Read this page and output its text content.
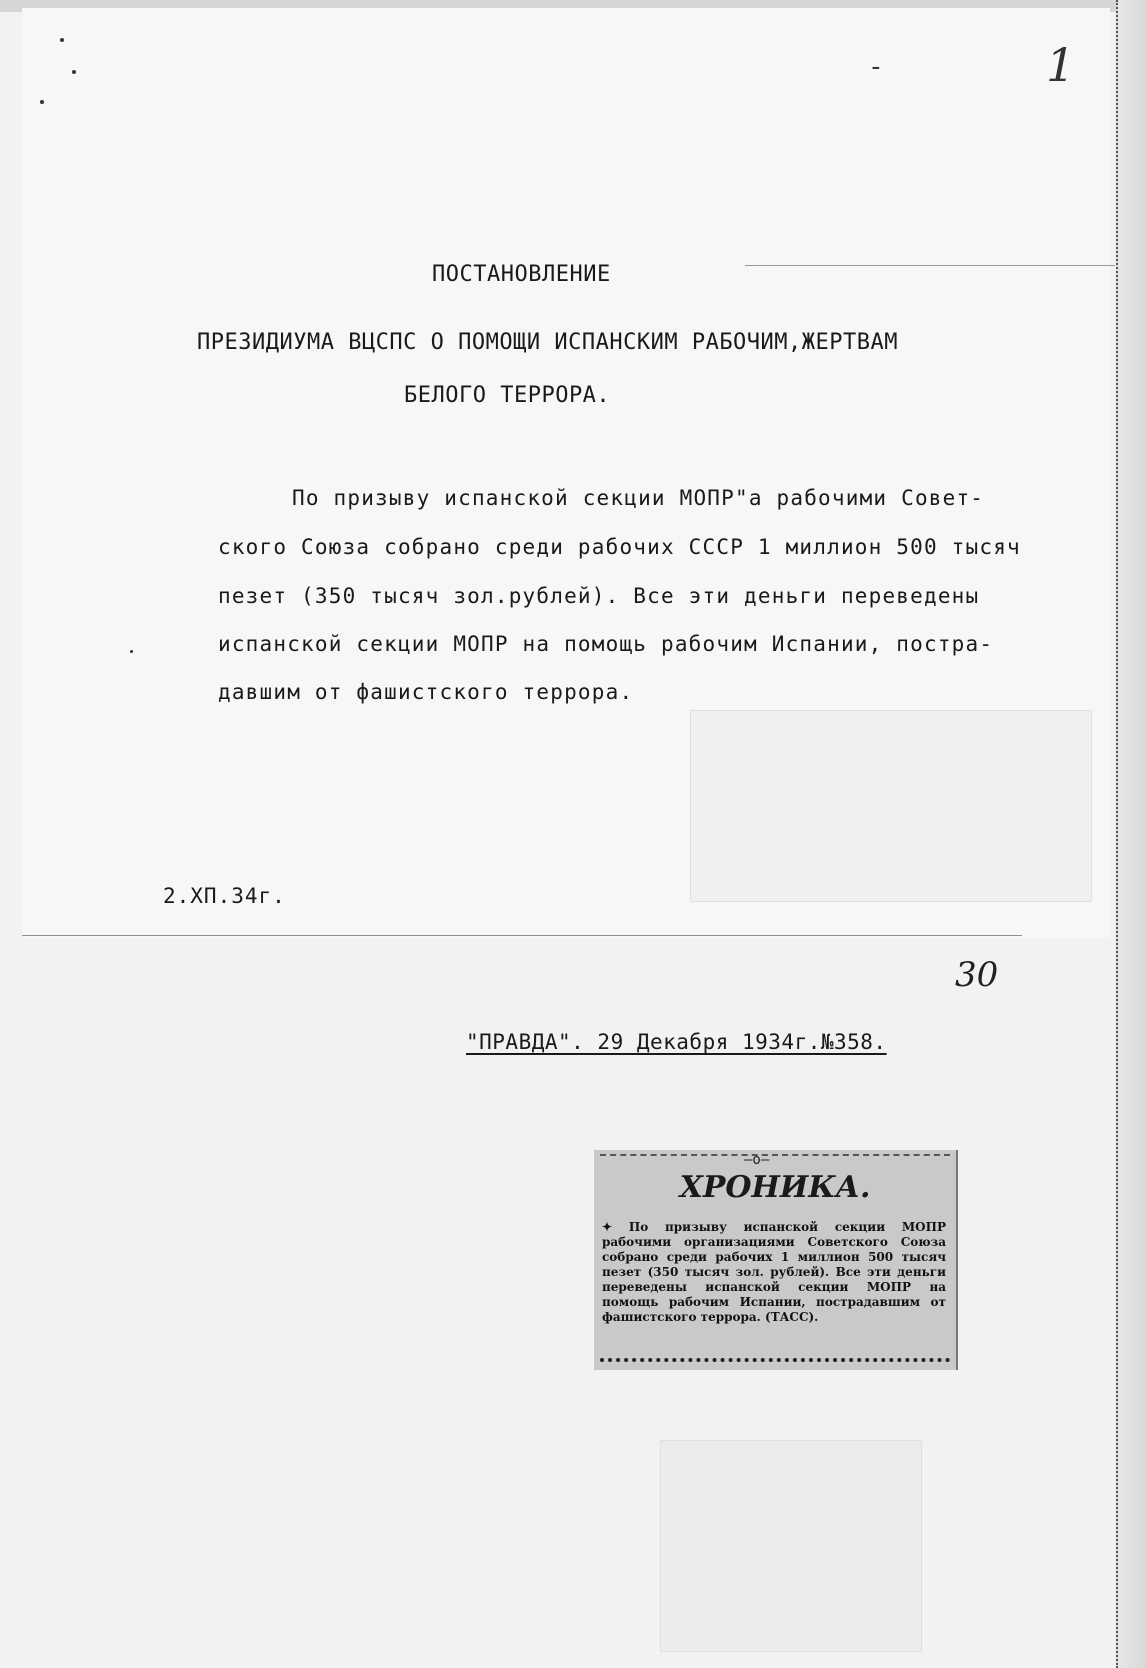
-	1
ПОСТАНОВЛЕНИЕ
ПРЕЗИДИУМА ВЦСПС О ПОМОЩИ ИСПАНСКИМ РАБОЧИМ,ЖЕРТВАМ
БЕЛОГО ТЕРРОРА.
По призыву испанской секции МОПР"а рабочими Совет-
ского Союза собрано среди рабочих СССР 1 миллион 500 тысяч
пезет (350 тысяч зол.рублей). Все эти деньги переведены
испанской секции МОПР на помощь рабочим Испании, постра-
давшим от фашистского террора.
2.XП.34г.
30
"ПРАВДА". 29 Декабря 1934г.№358.
—o—
ХРОНИКА.
✦ По призыву испанской секции МОПР рабочими организациями Советского Союза собрано среди рабочих 1 миллион 500 тысяч пезет (350 тысяч зол. рублей). Все эти деньги переведены испанской секции МОПР на помощь рабочим Испании, пострадавшим от фашистского террора. (ТАСС).
